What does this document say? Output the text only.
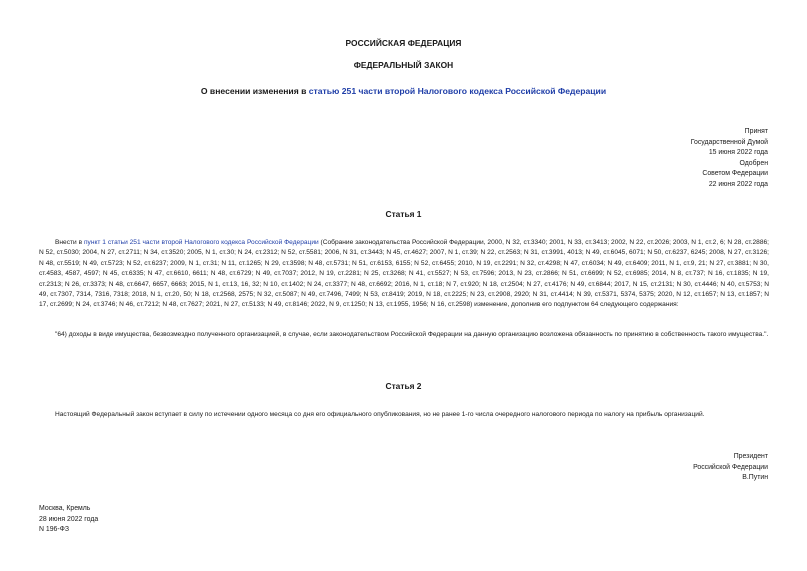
РОССИЙСКАЯ ФЕДЕРАЦИЯ
ФЕДЕРАЛЬНЫЙ ЗАКОН
О внесении изменения в статью 251 части второй Налогового кодекса Российской Федерации
Принят
Государственной Думой
15 июня 2022 года
Одобрен
Советом Федерации
22 июня 2022 года
Статья 1
Внести в пункт 1 статьи 251 части второй Налогового кодекса Российской Федерации (Собрание законодательства Российской Федерации, 2000, N 32, ст.3340; 2001, N 33, ст.3413; 2002, N 22, ст.2026; 2003, N 1, ст.2, 6; N 28, ст.2886; N 52, ст.5030; 2004, N 27, ст.2711; N 34, ст.3520; 2005, N 1, ст.30; N 24, ст.2312; N 52, ст.5581; 2006, N 31, ст.3443; N 45, ст.4627; 2007, N 1, ст.39; N 22, ст.2563; N 31, ст.3991, 4013; N 49, ст.6045, 6071; N 50, ст.6237, 6245; 2008, N 27, ст.3126; N 48, ст.5519; N 49, ст.5723; N 52, ст.6237; 2009, N 1, ст.31; N 11, ст.1265; N 29, ст.3598; N 48, ст.5731; N 51, ст.6153, 6155; N 52, ст.6455; 2010, N 19, ст.2291; N 32, ст.4298; N 47, ст.6034; N 49, ст.6409; 2011, N 1, ст.9, 21; N 27, ст.3881; N 30, ст.4583, 4587, 4597; N 45, ст.6335; N 47, ст.6610, 6611; N 48, ст.6729; N 49, ст.7037; 2012, N 19, ст.2281; N 25, ст.3268; N 41, ст.5527; N 53, ст.7596; 2013, N 23, ст.2866; N 51, ст.6699; N 52, ст.6985; 2014, N 8, ст.737; N 16, ст.1835; N 19, ст.2313; N 26, ст.3373; N 48, ст.6647, 6657, 6663; 2015, N 1, ст.13, 16, 32; N 10, ст.1402; N 24, ст.3377; N 48, ст.6692; 2016, N 1, ст.18; N 7, ст.920; N 18, ст.2504; N 27, ст.4176; N 49, ст.6844; 2017, N 15, ст.2131; N 30, ст.4446; N 40, ст.5753; N 49, ст.7307, 7314, 7316, 7318; 2018, N 1, ст.20, 50; N 18, ст.2568, 2575; N 32, ст.5087; N 49, ст.7496, 7499; N 53, ст.8419; 2019, N 18, ст.2225; N 23, ст.2908, 2920; N 31, ст.4414; N 39, ст.5371, 5374, 5375; 2020, N 12, ст.1657; N 13, ст.1857; N 17, ст.2699; N 24, ст.3746; N 46, ст.7212; N 48, ст.7627; 2021, N 27, ст.5133; N 49, ст.8146; 2022, N 9, ст.1250; N 13, ст.1955, 1956; N 16, ст.2598) изменение, дополнив его подпунктом 64 следующего содержания:
"64) доходы в виде имущества, безвозмездно полученного организацией, в случае, если законодательством Российской Федерации на данную организацию возложена обязанность по принятию в собственность такого имущества.".
Статья 2
Настоящий Федеральный закон вступает в силу по истечении одного месяца со дня его официального опубликования, но не ранее 1-го числа очередного налогового периода по налогу на прибыль организаций.
Президент
Российской Федерации
В.Путин
Москва, Кремль
28 июня 2022 года
N 196-ФЗ
